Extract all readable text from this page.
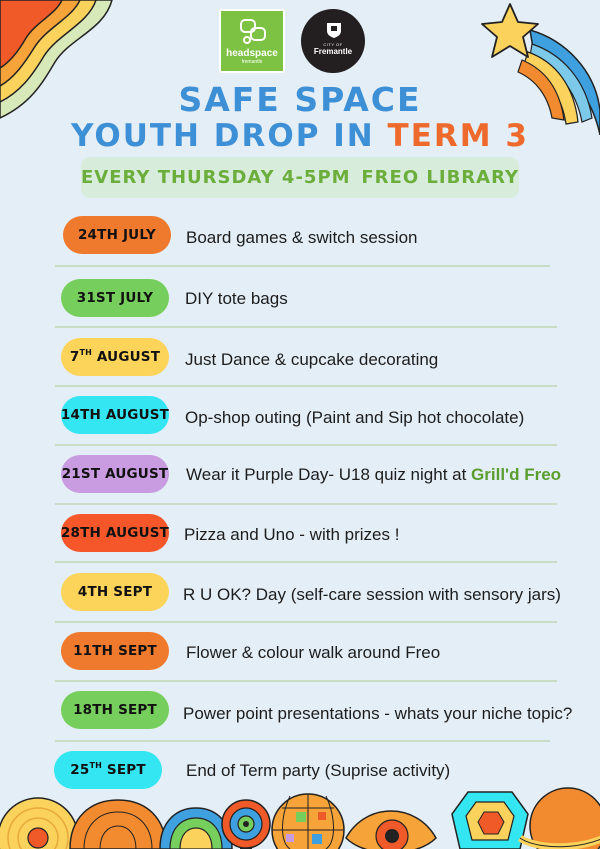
headspace
fremantle
CITY OF
Fremantle
SAFE SPACE
YOUTH DROP IN TERM 3
EVERY THURSDAY 4-5PM FREO LIBRARY
24TH JULY	Board games & switch session
31ST JULY	DIY tote bags
7TH AUGUST Just Dance & cupcake decorating
14TH AUGUST Op-shop outing (Paint and Sip hot chocolate)
21ST AUGUST Wear it Purple Day- U18 quiz night at Grill'd Freo
28TH AUGUST Pizza and Uno - with prizes !
4TH SEPT	R U OK? Day (self-care session with sensory jars)
11TH SEPT	Flower & colour walk around Freo
18TH SEPT	Power point presentations - whats your niche topic?
25TH SEPT End of Term party (Suprise activity)
